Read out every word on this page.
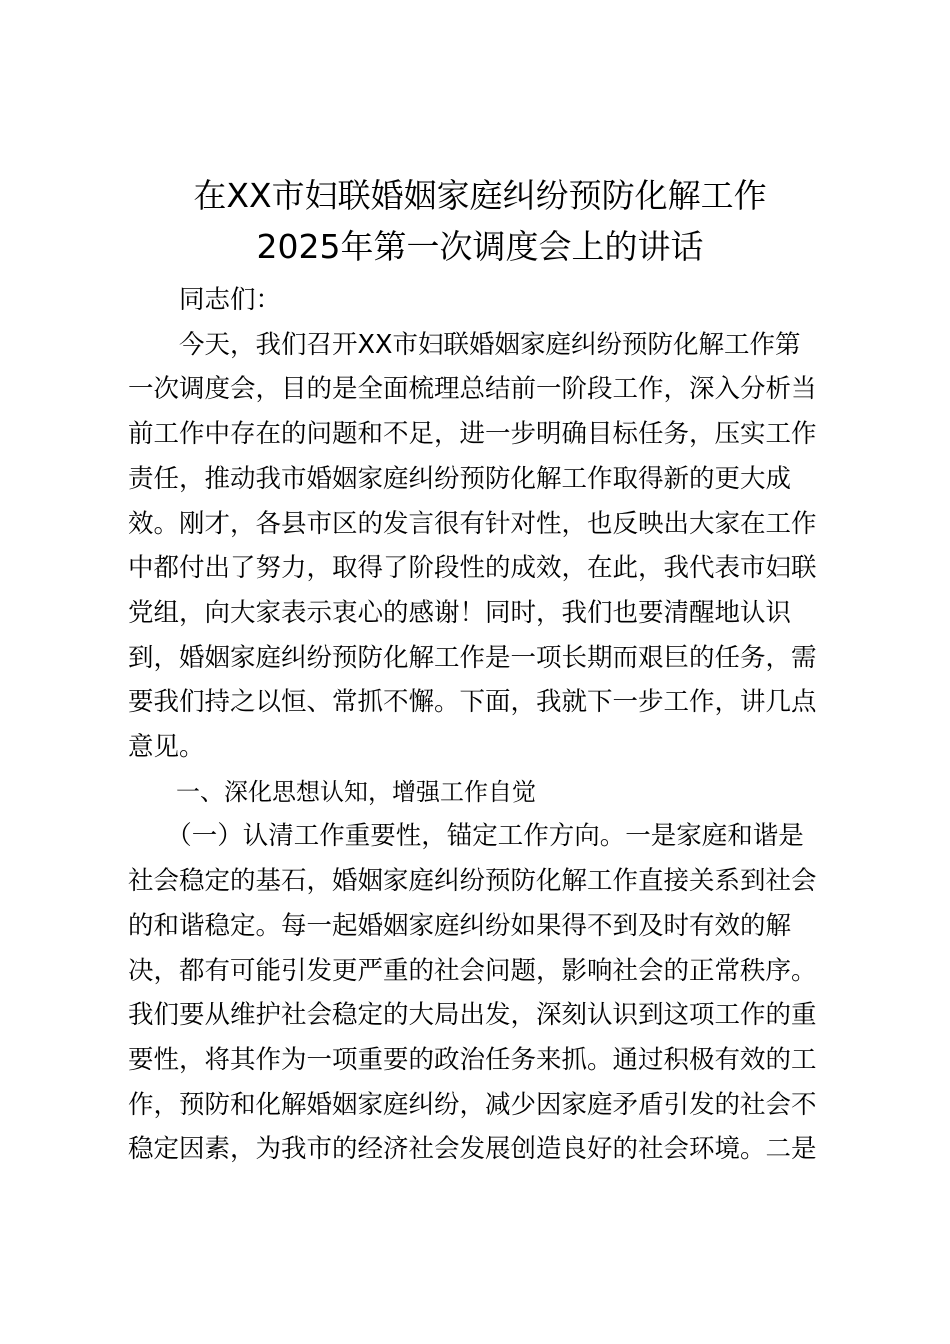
在XX市妇联婚姻家庭纠纷预防化解工作
2025年第一次调度会上的讲话
同志们：
　　今天，我们召开XX市妇联婚姻家庭纠纷预防化解工作第
一次调度会，目的是全面梳理总结前一阶段工作，深入分析当
前工作中存在的问题和不足，进一步明确目标任务，压实工作
责任，推动我市婚姻家庭纠纷预防化解工作取得新的更大成
效。刚才，各县市区的发言很有针对性，也反映出大家在工作
中都付出了努力，取得了阶段性的成效，在此，我代表市妇联
党组，向大家表示衷心的感谢！同时，我们也要清醒地认识
到，婚姻家庭纠纷预防化解工作是一项长期而艰巨的任务，需
要我们持之以恒、常抓不懈。下面，我就下一步工作，讲几点
意见。
一、深化思想认知，增强工作自觉
　　（一）认清工作重要性，锚定工作方向。一是家庭和谐是
社会稳定的基石，婚姻家庭纠纷预防化解工作直接关系到社会
的和谐稳定。每一起婚姻家庭纠纷如果得不到及时有效的解
决，都有可能引发更严重的社会问题，影响社会的正常秩序。
我们要从维护社会稳定的大局出发，深刻认识到这项工作的重
要性，将其作为一项重要的政治任务来抓。通过积极有效的工
作，预防和化解婚姻家庭纠纷，减少因家庭矛盾引发的社会不
稳定因素，为我市的经济社会发展创造良好的社会环境。二是
